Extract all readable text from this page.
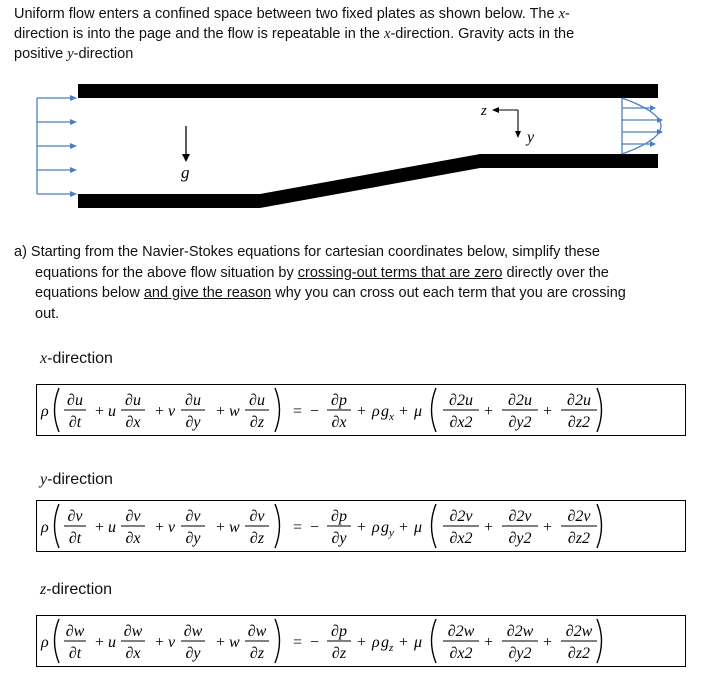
Uniform flow enters a confined space between two fixed plates as shown below. The x-

direction is into the page and the flow is repeatable in the x-direction. Gravity acts in the

positive y-direction

g
z
y
a) Starting from the Navier-Stokes equations for cartesian coordinates below, simplify these
equations for the above flow situation by crossing-out terms that are zero directly over the
equations below and give the reason why you can cross out each term that you are crossing
out.
x-direction
ρ
∂u
∂t
+ u
∂u
∂x
+ v
∂u
∂y
+ w
∂u
∂z
= −
∂p
∂x
+ ρ g x + μ
∂2u
∂x2
+
∂2u
∂y2
+
∂2u
∂z2
y-direction
ρ
∂v
∂t
+ u
∂v
∂x
+ v
∂v
∂y
+ w
∂v
∂z
= −
∂p
∂y
+ ρ g y + μ
∂2v
∂x2
+
∂2v
∂y2
+
∂2v
∂z2
z-direction
ρ
∂w
∂t
+ u
∂w
∂x
+ v
∂w
∂y
+ w
∂w
∂z
= −
∂p
∂z
+ ρ g z + μ
∂2w
∂x2
+
∂2w
∂y2
+
∂2w
∂z2
